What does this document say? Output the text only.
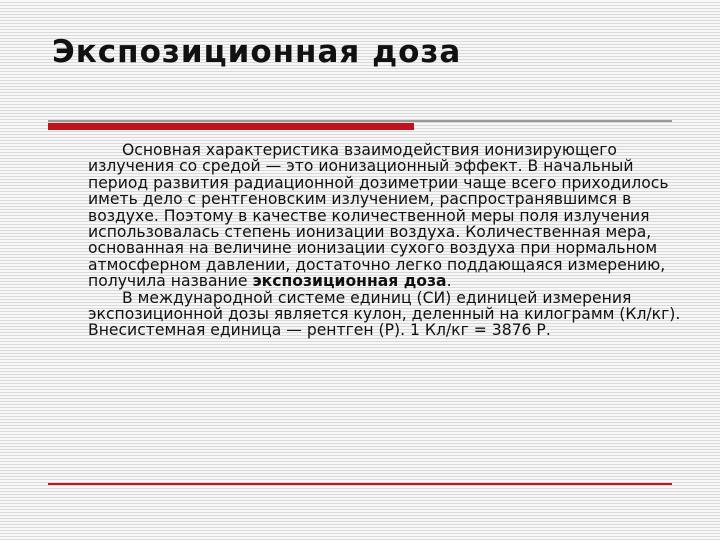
Экспозиционная доза

Основная характеристика взаимодействия ионизирующего излучения со средой — это ионизационный эффект. В начальный период развития радиационной дозиметрии чаще всего приходилось иметь дело с рентгеновским излучением, распространявшимся в воздухе. Поэтому в качестве количественной меры поля излучения использовалась степень ионизации воздуха. Количественная мера, основанная на величине ионизации сухого воздуха при нормальном атмосферном давлении, достаточно легко поддающаяся измерению, получила название экспозиционная доза.

В международной системе единиц (СИ) единицей измерения экспозиционной дозы является кулон, деленный на килограмм (Кл/кг). Внесистемная единица — рентген (Р). 1 Кл/кг = 3876 Р.
